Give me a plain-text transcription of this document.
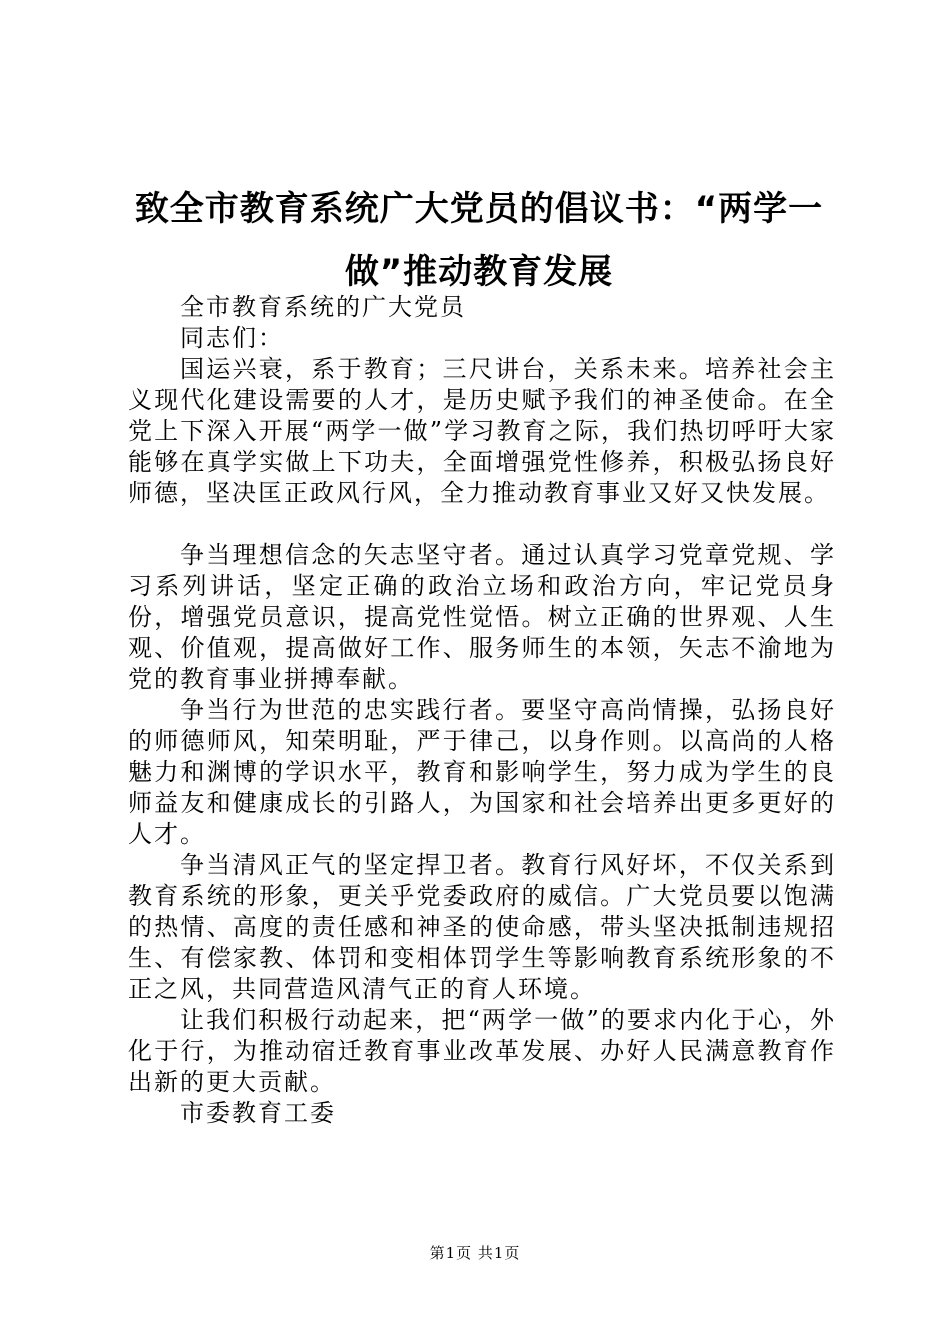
致全市教育系统广大党员的倡议书：“两学一
做”推动教育发展

全市教育系统的广大党员

同志们：

国运兴衰，系于教育；三尺讲台，关系未来。培养社会主义现代化建设需要的人才，是历史赋予我们的神圣使命。在全党上下深入开展“两学一做”学习教育之际，我们热切呼吁大家能够在真学实做上下功夫，全面增强党性修养，积极弘扬良好师德，坚决匡正政风行风，全力推动教育事业又好又快发展。

争当理想信念的矢志坚守者。通过认真学习党章党规、学习系列讲话，坚定正确的政治立场和政治方向，牢记党员身份，增强党员意识，提高党性觉悟。树立正确的世界观、人生观、价值观，提高做好工作、服务师生的本领，矢志不渝地为党的教育事业拼搏奉献。

争当行为世范的忠实践行者。要坚守高尚情操，弘扬良好的师德师风，知荣明耻，严于律己，以身作则。以高尚的人格魅力和渊博的学识水平，教育和影响学生，努力成为学生的良师益友和健康成长的引路人，为国家和社会培养出更多更好的人才。

争当清风正气的坚定捍卫者。教育行风好坏，不仅关系到教育系统的形象，更关乎党委政府的威信。广大党员要以饱满的热情、高度的责任感和神圣的使命感，带头坚决抵制违规招生、有偿家教、体罚和变相体罚学生等影响教育系统形象的不正之风，共同营造风清气正的育人环境。

让我们积极行动起来，把“两学一做”的要求内化于心，外化于行，为推动宿迁教育事业改革发展、办好人民满意教育作出新的更大贡献。

市委教育工委

第1页 共1页
